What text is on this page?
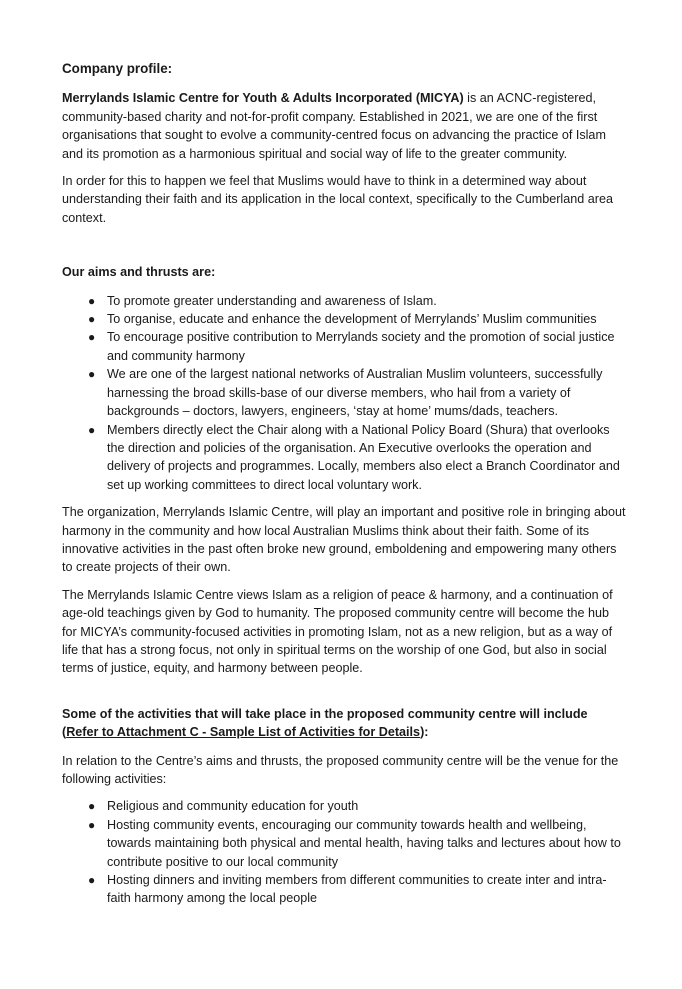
Company profile:

Merrylands Islamic Centre for Youth & Adults Incorporated (MICYA) is an ACNC-registered, community-based charity and not-for-profit company. Established in 2021, we are one of the first organisations that sought to evolve a community-centred focus on advancing the practice of Islam and its promotion as a harmonious spiritual and social way of life to the greater community.

In order for this to happen we feel that Muslims would have to think in a determined way about understanding their faith and its application in the local context, specifically to the Cumberland area context.

Our aims and thrusts are:
● To promote greater understanding and awareness of Islam.
● To organise, educate and enhance the development of Merrylands’ Muslim communities
● To encourage positive contribution to Merrylands society and the promotion of social justice and community harmony
● We are one of the largest national networks of Australian Muslim volunteers, successfully harnessing the broad skills-base of our diverse members, who hail from a variety of backgrounds – doctors, lawyers, engineers, ‘stay at home’ mums/dads, teachers.
● Members directly elect the Chair along with a National Policy Board (Shura) that overlooks the direction and policies of the organisation. An Executive overlooks the operation and delivery of projects and programmes. Locally, members also elect a Branch Coordinator and set up working committees to direct local voluntary work.

The organization, Merrylands Islamic Centre, will play an important and positive role in bringing about harmony in the community and how local Australian Muslims think about their faith. Some of its innovative activities in the past often broke new ground, emboldening and empowering many others to create projects of their own.

The Merrylands Islamic Centre views Islam as a religion of peace & harmony, and a continuation of age-old teachings given by God to humanity. The proposed community centre will become the hub for MICYA’s community-focused activities in promoting Islam, not as a new religion, but as a way of life that has a strong focus, not only in spiritual terms on the worship of one God, but also in social terms of justice, equity, and harmony between people.

Some of the activities that will take place in the proposed community centre will include (Refer to Attachment C - Sample List of Activities for Details):

In relation to the Centre’s aims and thrusts, the proposed community centre will be the venue for the following activities:

● Religious and community education for youth
● Hosting community events, encouraging our community towards health and wellbeing, towards maintaining both physical and mental health, having talks and lectures about how to contribute positive to our local community
● Hosting dinners and inviting members from different communities to create inter and intra-faith harmony among the local people
